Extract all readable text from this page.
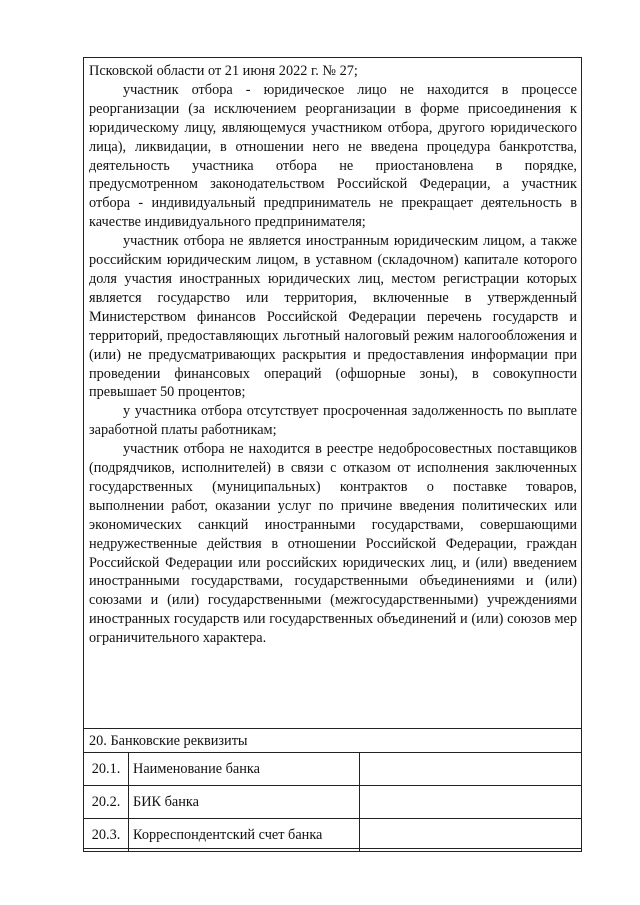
Псковской области от 21 июня 2022 г. № 27;

участник отбора - юридическое лицо не находится в процессе реорганизации (за исключением реорганизации в форме присоединения к юридическому лицу, являющемуся участником отбора, другого юридического лица), ликвидации, в отношении него не введена процедура банкротства, деятельность участника отбора не приостановлена в порядке, предусмотренном законодательством Российской Федерации, а участник отбора - индивидуальный предприниматель не прекращает деятельность в качестве индивидуального предпринимателя;

участник отбора не является иностранным юридическим лицом, а также российским юридическим лицом, в уставном (складочном) капитале которого доля участия иностранных юридических лиц, местом регистрации которых является государство или территория, включенные в утвержденный Министерством финансов Российской Федерации перечень государств и территорий, предоставляющих льготный налоговый режим налогообложения и (или) не предусматривающих раскрытия и предоставления информации при проведении финансовых операций (офшорные зоны), в совокупности превышает 50 процентов;

у участника отбора отсутствует просроченная задолженность по выплате заработной платы работникам;

участник отбора не находится в реестре недобросовестных поставщиков (подрядчиков, исполнителей) в связи с отказом от исполнения заключенных государственных (муниципальных) контрактов о поставке товаров, выполнении работ, оказании услуг по причине введения политических или экономических санкций иностранными государствами, совершающими недружественные действия в отношении Российской Федерации, граждан Российской Федерации или российских юридических лиц, и (или) введением иностранными государствами, государственными объединениями и (или) союзами и (или) государственными (межгосударственными) учреждениями иностранных государств или государственных объединений и (или) союзов мер ограничительного характера.

20. Банковские реквизиты
20.1.	Наименование банка	
20.2.	БИК банка	
20.3.	Корреспондентский счет банка	
